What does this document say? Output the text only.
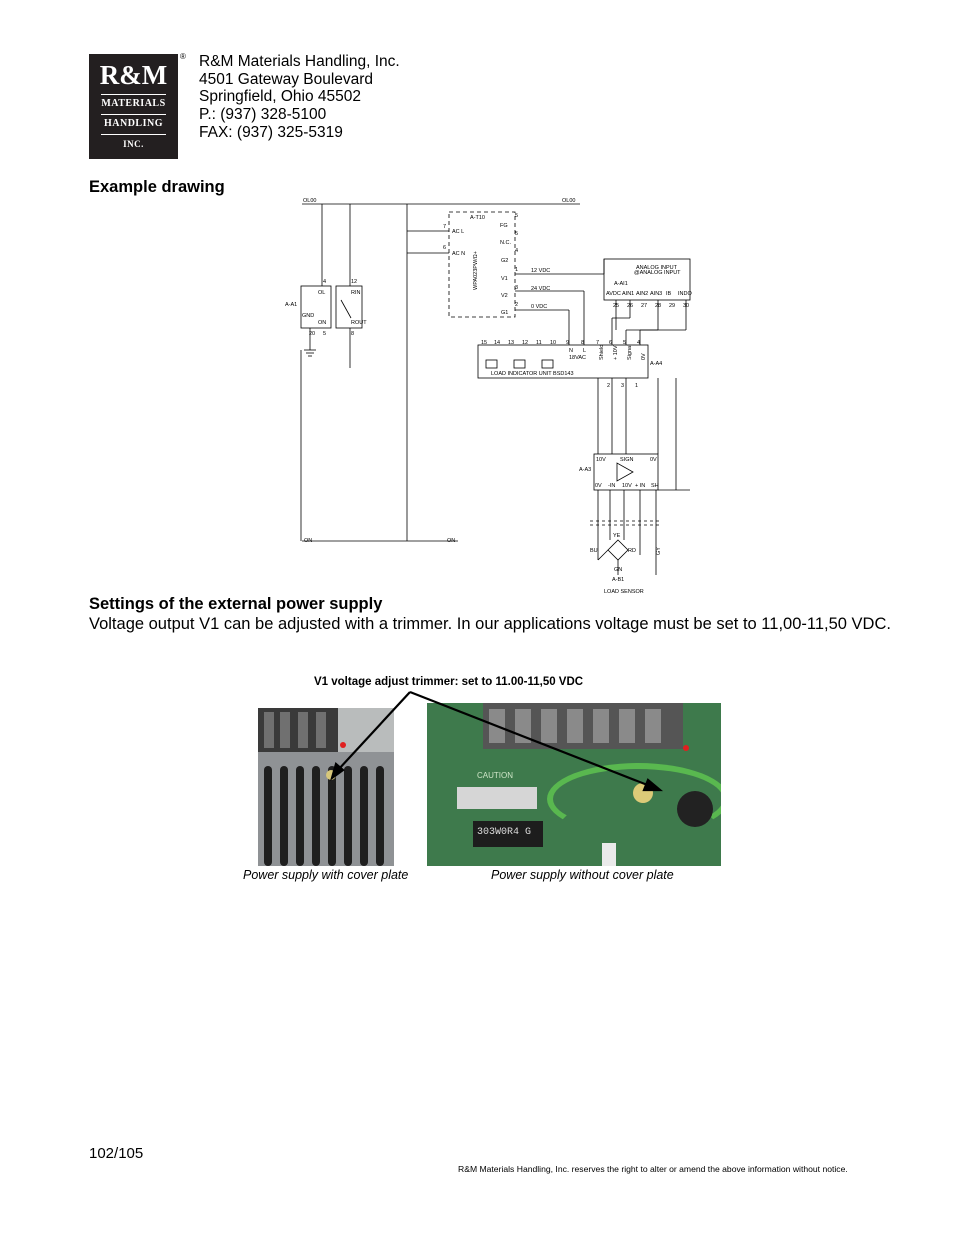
R&M
MATERIALS
HANDLING
INC.
® R&M Materials Handling, Inc.
4501 Gateway Boulevard
Springfield, Ohio 45502
P.: (937) 328-5100
FAX: (937) 325-5319
Example drawing
OL00	OL00
ON	ON
A-T10
FG
AC L
AC N
N.C.
G2
V1
V2
G1
12 VDC
24 VDC
0 VDC
WPA023PW/Ω+
7
6
5
5
4
1
3
2
A-A1
GND
OL
ON
RIN
ROUT
4	12
20 5	8
ANALOG INPUT
@ANALOG INPUT
A-AI1
AVDC AIN1 AIN2 AIN3 IB INDO
25 26 27 28 29 30
15 14 13 12 11 10 9 8 7 6 5 4
N L
18VAC Shield + 10V Signal 0V
LOAD INDICATOR UNIT BSD143
A-A4
2 3 1
A-A3
10V	SIGN	0V
0V -IN 10V + IN SH
YE
BU	RD
GN
GY
A-B1
LOAD SENSOR
Settings of the external power supply
Voltage output V1 can be adjusted with a trimmer. In our applications voltage must be set to 11,00-11,50 VDC.
V1 voltage adjust trimmer: set to 11.00-11,50 VDC
CAUTION
303W0R4 G
Power supply with cover plate	Power supply without cover plate
102/105
R&M Materials Handling, Inc. reserves the right to alter or amend the above information without notice.
